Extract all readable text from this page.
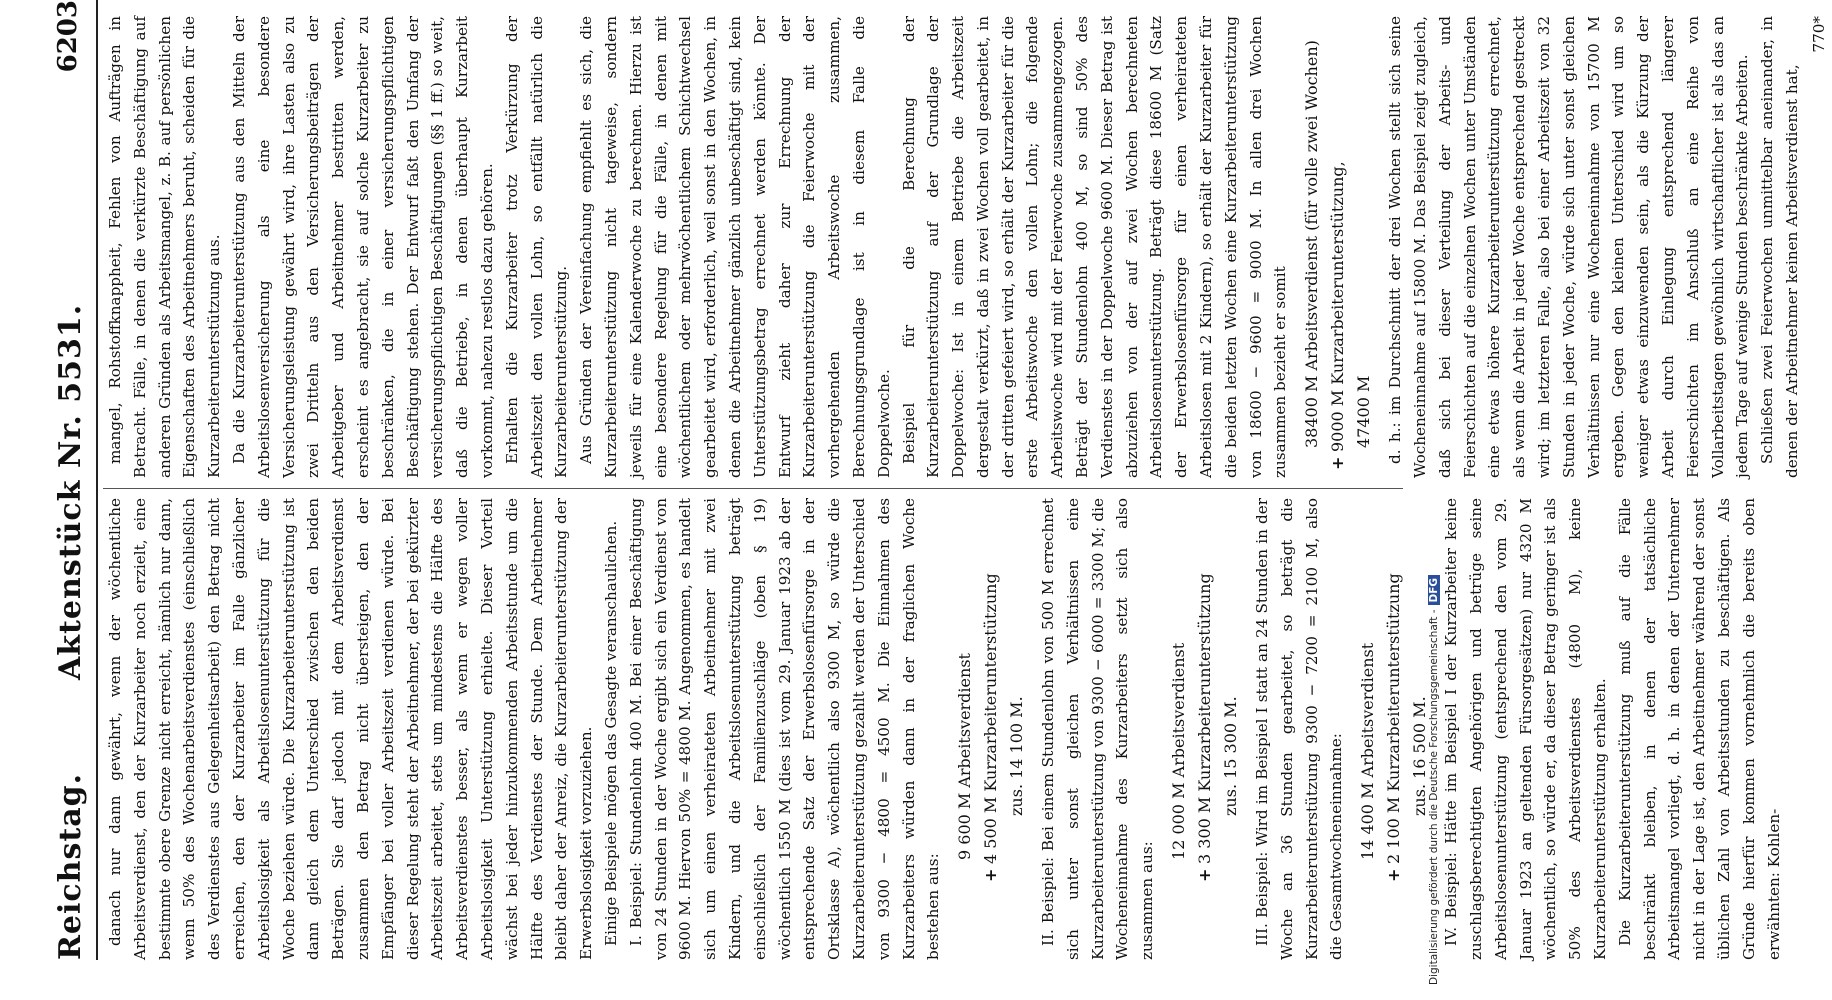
Reichstag.
Aktenstück Nr. 5531.
6203

danach nur dann gewährt, wenn der wöchentliche Arbeitsverdienst, den der Kurzarbeiter noch erzielt, eine bestimmte obere Grenze nicht erreicht, nämlich nur dann, wenn 50% des Wochenarbeitsverdienstes (einschließlich des Verdienstes aus Gelegenheitsarbeit) den Betrag nicht erreichen, den der Kurzarbeiter im Falle gänzlicher Arbeitslosigkeit als Arbeitslosenunterstützung für die Woche beziehen würde. Die Kurzarbeiterunterstützung ist dann gleich dem Unterschied zwischen den beiden Beträgen. Sie darf jedoch mit dem Arbeitsverdienst zusammen den Betrag nicht übersteigen, den der Empfänger bei voller Arbeitszeit verdienen würde. Bei dieser Regelung steht der Arbeitnehmer, der bei gekürzter Arbeitszeit arbeitet, stets um mindestens die Hälfte des Arbeitsverdienstes besser, als wenn er wegen voller Arbeitslosigkeit Unterstützung erhielte. Dieser Vorteil wächst bei jeder hinzukommenden Arbeitsstunde um die Hälfte des Verdienstes der Stunde. Dem Arbeitnehmer bleibt daher der Anreiz, die Kurzarbeiterunterstützung der Erwerbslosigkeit vorzuziehen. Einige Beispiele mögen das Gesagte veranschaulichen. I. Beispiel: Stundenlohn 400 M. Bei einer Beschäftigung von 24 Stunden in der Woche ergibt sich ein Verdienst von 9600 M. Hiervon 50% = 4800 M. Angenommen, es handelt sich um einen verheirateten Arbeitnehmer mit zwei Kindern, und die Arbeitslosenunterstützung beträgt einschließlich der Familienzuschläge (oben § 19) wöchentlich 1550 M (dies ist vom 29. Januar 1923 ab der entsprechende Satz der Erwerbslosenfürsorge in der Ortsklasse A), wöchentlich also 9300 M, so würde die Kurzarbeiterunterstützung gezahlt werden der Unterschied von 9300 − 4800 = 4500 M. Die Einnahmen des Kurzarbeiters würden dann in der fraglichen Woche bestehen aus:

9 600 M Arbeitsverdienst
+4 500 M Kurzarbeiterunterstützung zus. 14 100 M. II. Beispiel: Bei einem Stundenlohn von 500 M errechnet sich unter sonst gleichen Verhältnissen eine Kurzarbeiterunterstützung von 9300 − 6000 = 3300 M; die Wocheneinnahme des Kurzarbeiters setzt sich also zusammen aus:

12 000 M Arbeitsverdienst
+3 300 M Kurzarbeiterunterstützung zus. 15 300 M. III. Beispiel: Wird im Beispiel I statt an 24 Stunden in der Woche an 36 Stunden gearbeitet, so beträgt die Kurzarbeiterunterstützung 9300 − 7200 = 2100 M, also die Gesamtwocheneinnahme: 14 400 M Arbeitsverdienst
+2 100 M Kurzarbeiterunterstützung zus. 16 500 M. IV. Beispiel: Hätte im Beispiel I der Kurzarbeiter keine zuschlagsberechtigten Angehörigen und betrüge seine Arbeitslosenunterstützung (entsprechend den vom 29. Januar 1923 an geltenden Fürsorgesätzen) nur 4320 M wöchentlich, so würde er, da dieser Betrag geringer ist als 50% des Arbeitsverdienstes (4800 M), keine Kurzarbeiterunterstützung erhalten. Die Kurzarbeiterunterstützung muß auf die Fälle beschränkt bleiben, in denen der tatsächliche Arbeitsmangel vorliegt, d. h. in denen der Unternehmer nicht in der Lage ist, den Arbeitnehmer während der sonst üblichen Zahl von Arbeitsstunden zu beschäftigen. Als Gründe hierfür kommen vornehmlich die bereits oben erwähnten: Kohlen-

mangel, Rohstoffknappheit, Fehlen von Aufträgen in Betracht. Fälle, in denen die verkürzte Beschäftigung auf anderen Gründen als Arbeitsmangel, z. B. auf persönlichen Eigenschaften des Arbeitnehmers beruht, scheiden für die Kurzarbeiterunterstützung aus. Da die Kurzarbeiterunterstützung aus den Mitteln der Arbeitslosenversicherung als eine besondere Versicherungsleistung gewährt wird, ihre Lasten also zu zwei Dritteln aus den Versicherungsbeiträgen der Arbeitgeber und Arbeitnehmer bestritten werden, erscheint es angebracht, sie auf solche Kurzarbeiter zu beschränken, die in einer versicherungspflichtigen Beschäftigung stehen. Der Entwurf faßt den Umfang der versicherungspflichtigen Beschäftigungen (§§ 1 ff.) so weit, daß die Betriebe, in denen überhaupt Kurzarbeit vorkommt, nahezu restlos dazu gehören. Erhalten die Kurzarbeiter trotz Verkürzung der Arbeitszeit den vollen Lohn, so entfällt natürlich die Kurzarbeiterunterstützung. Aus Gründen der Vereinfachung empfiehlt es sich, die Kurzarbeiterunterstützung nicht tageweise, sondern jeweils für eine Kalenderwoche zu berechnen. Hierzu ist eine besondere Regelung für die Fälle, in denen mit wöchentlichem oder mehrwöchentlichem Schichtwechsel gearbeitet wird, erforderlich, weil sonst in den Wochen, in denen die Arbeitnehmer gänzlich unbeschäftigt sind, kein Unterstützungsbetrag errechnet werden könnte. Der Entwurf zieht daher zur Errechnung der Kurzarbeiterunterstützung die Feierwoche mit der vorhergehenden Arbeitswoche zusammen, Berechnungsgrundlage ist in diesem Falle die Doppelwoche. Beispiel für die Berechnung der Kurzarbeiterunterstützung auf der Grundlage der Doppelwoche: Ist in einem Betriebe die Arbeitszeit dergestalt verkürzt, daß in zwei Wochen voll gearbeitet, in der dritten gefeiert wird, so erhält der Kurzarbeiter für die erste Arbeitswoche den vollen Lohn; die folgende Arbeitswoche wird mit der Feierwoche zusammengezogen. Beträgt der Stundenlohn 400 M, so sind 50% des Verdienstes in der Doppelwoche 9600 M. Dieser Betrag ist abzuziehen von der auf zwei Wochen berechneten Arbeitslosenunterstützung. Beträgt diese 18600 M (Satz der Erwerbslosenfürsorge für einen verheirateten Arbeitslosen mit 2 Kindern), so erhält der Kurzarbeiter für die beiden letzten Wochen eine Kurzarbeiterunterstützung von 18600 − 9600 = 9000 M. In allen drei Wochen zusammen bezieht er somit 38400 M Arbeitsverdienst (für volle zwei Wochen)
+9000 M Kurzarbeiterunterstützung, 47400 M d. h.: im Durchschnitt der drei Wochen stellt sich seine Wocheneinnahme auf 15800 M. Das Beispiel zeigt zugleich, daß sich bei dieser Verteilung der Arbeits- und Feierschichten auf die einzelnen Wochen unter Umständen eine etwas höhere Kurzarbeiterunterstützung errechnet, als wenn die Arbeit in jeder Woche entsprechend gestreckt wird; im letzteren Falle, also bei einer Arbeitszeit von 32 Stunden in jeder Woche, würde sich unter sonst gleichen Verhältnissen nur eine Wocheneinnahme von 15700 M ergeben. Gegen den kleinen Unterschied wird um so weniger etwas einzuwenden sein, als die Kürzung der Arbeit durch Einlegung entsprechend längerer Feierschichten im Anschluß an eine Reihe von Vollarbeitstagen gewöhnlich wirtschaftlicher ist als das an jedem Tage auf wenige Stunden beschränkte Arbeiten. Schließen zwei Feierwochen unmittelbar aneinander, in denen der Arbeitnehmer keinen Arbeitsverdienst hat,

770*
Digitalisierung gefördert durch die Deutsche Forschungsgemeinschaft -DFG
